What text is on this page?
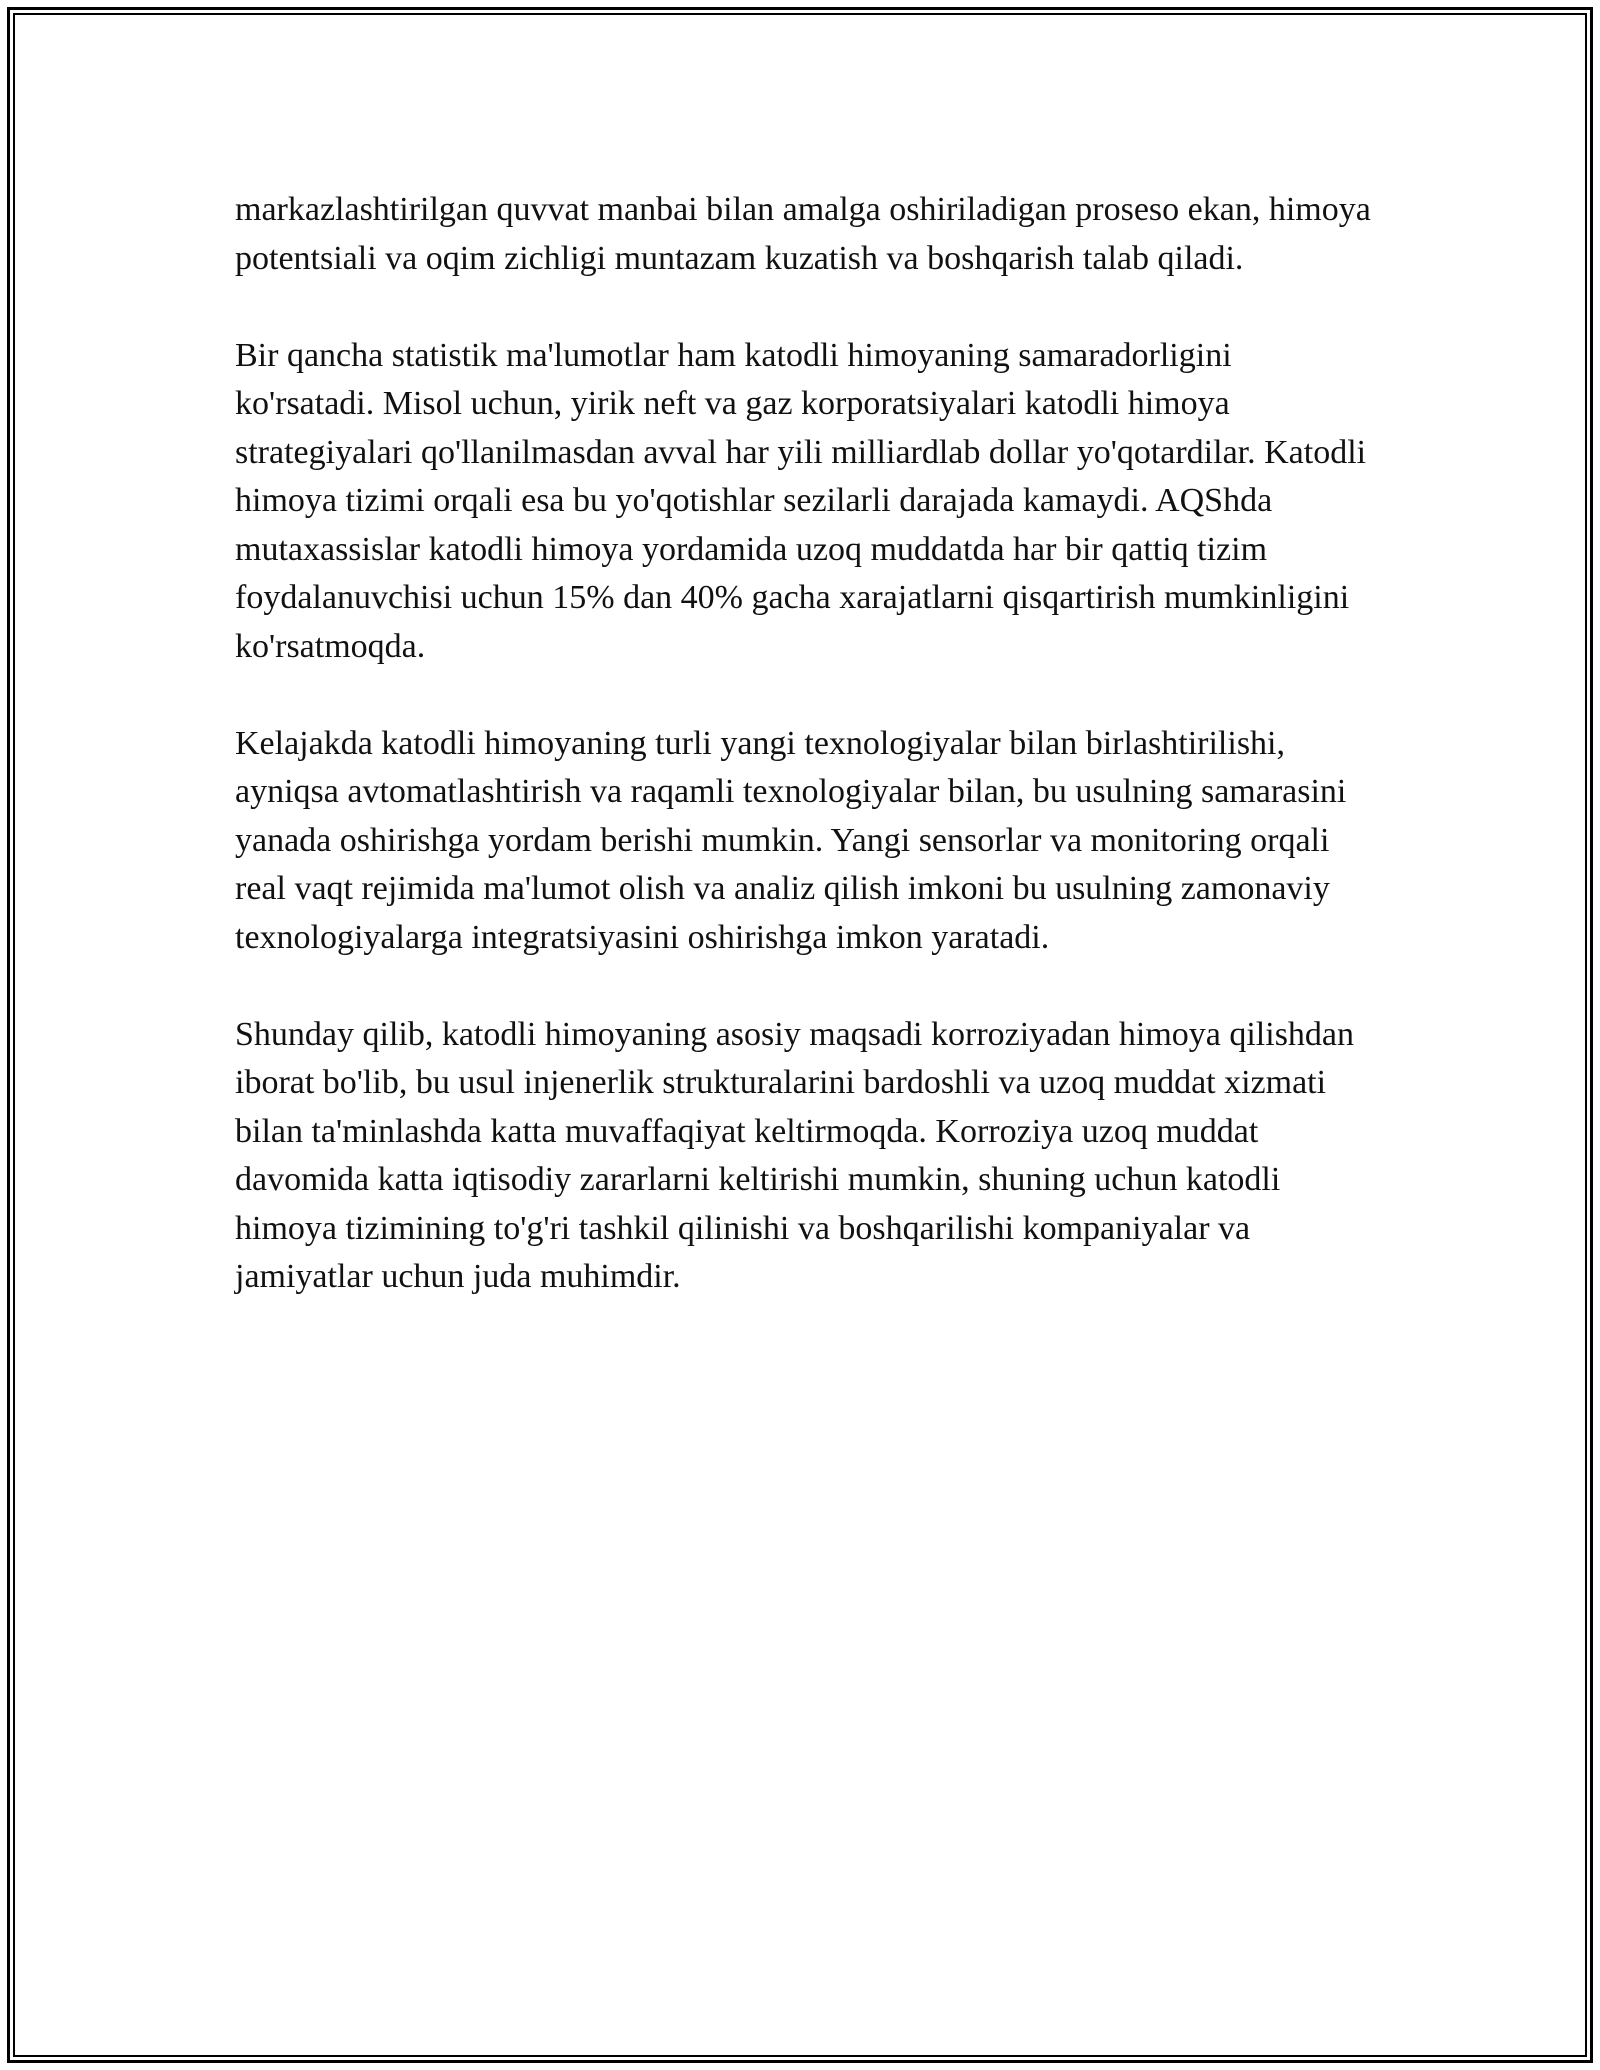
markazlashtirilgan quvvat manbai bilan amalga oshiriladigan proseso ekan, himoya potentsiali va oqim zichligi muntazam kuzatish va boshqarish talab qiladi.

Bir qancha statistik ma'lumotlar ham katodli himoyaning samaradorligini ko'rsatadi. Misol uchun, yirik neft va gaz korporatsiyalari katodli himoya strategiyalari qo'llanilmasdan avval har yili milliardlab dollar yo'qotardilar. Katodli himoya tizimi orqali esa bu yo'qotishlar sezilarli darajada kamaydi. AQShda mutaxassislar katodli himoya yordamida uzoq muddatda har bir qattiq tizim foydalanuvchisi uchun 15% dan 40% gacha xarajatlarni qisqartirish mumkinligini ko'rsatmoqda.

Kelajakda katodli himoyaning turli yangi texnologiyalar bilan birlashtirilishi, ayniqsa avtomatlashtirish va raqamli texnologiyalar bilan, bu usulning samarasini yanada oshirishga yordam berishi mumkin. Yangi sensorlar va monitoring orqali real vaqt rejimida ma'lumot olish va analiz qilish imkoni bu usulning zamonaviy texnologiyalarga integratsiyasini oshirishga imkon yaratadi.

Shunday qilib, katodli himoyaning asosiy maqsadi korroziyadan himoya qilishdan iborat bo'lib, bu usul injenerlik strukturalarini bardoshli va uzoq muddat xizmati bilan ta'minlashda katta muvaffaqiyat keltirmoqda. Korroziya uzoq muddat davomida katta iqtisodiy zararlarni keltirishi mumkin, shuning uchun katodli himoya tizimining to'g'ri tashkil qilinishi va boshqarilishi kompaniyalar va jamiyatlar uchun juda muhimdir.
